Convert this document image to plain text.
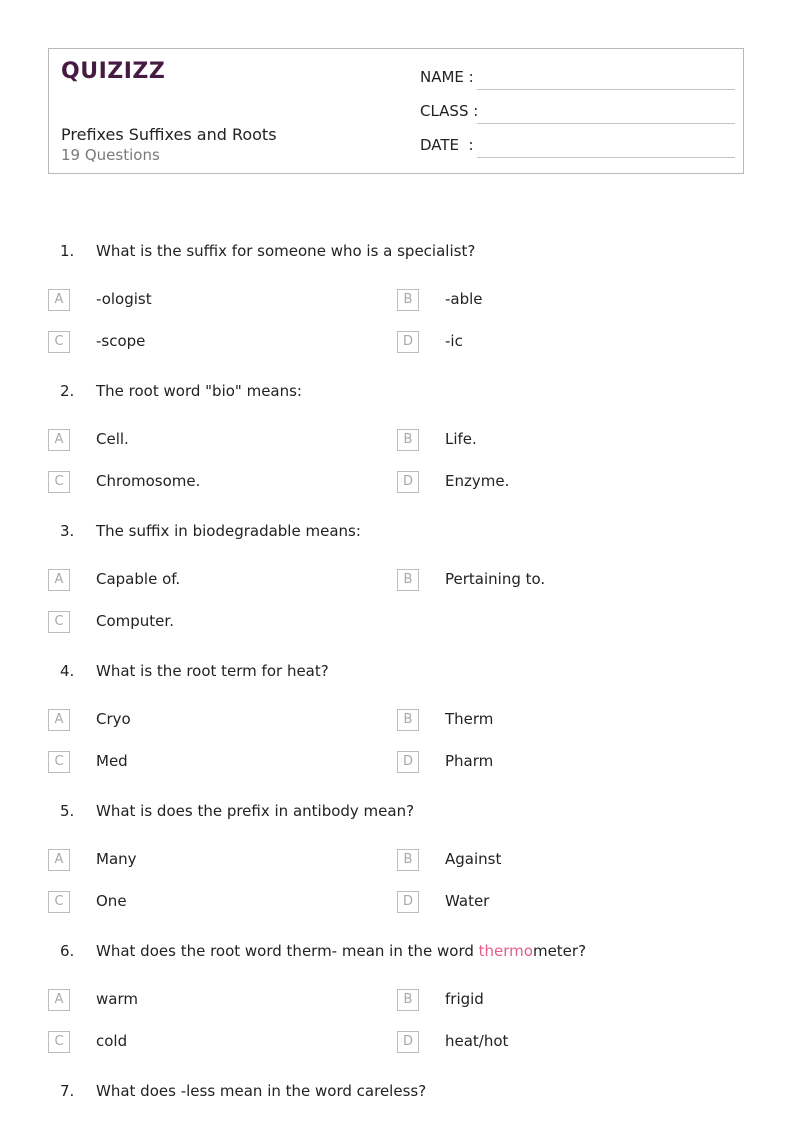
QUIZIZZ
Prefixes Suffixes and Roots
19 Questions
NAME :
CLASS :
DATE  :
1. What is the suffix for someone who is a specialist?
A	-ologist	B	-able
C	-scope	D	-ic
2. The root word "bio" means:
A	Cell.	B	Life.
C	Chromosome.	D	Enzyme.
3. The suffix in biodegradable means:
A	Capable of.	B	Pertaining to.
C	Computer.
4. What is the root term for heat?
A	Cryo	B	Therm
C	Med	D	Pharm
5. What is does the prefix in antibody mean?
A	Many	B	Against
C	One	D	Water
6. What does the root word therm- mean in the word thermometer?
A	warm	B	frigid
C	cold	D	heat/hot
7. What does -less mean in the word careless?
